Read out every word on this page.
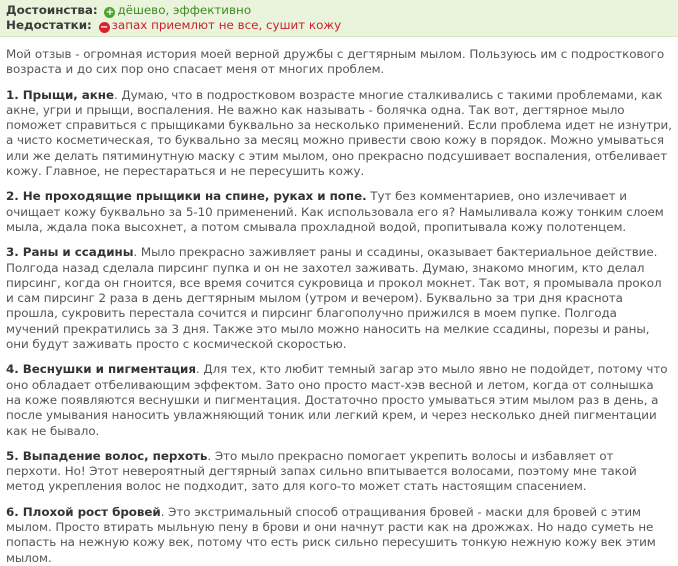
Достоинства: + дёшево, эффективно
Недостатки: − запах приемлют не все, сушит кожу

Мой отзыв - огромная история моей верной дружбы с дегтярным мылом. Пользуюсь им с подросткового возраста и до сих пор оно спасает меня от многих проблем.

1. Прыщи, акне. Думаю, что в подростковом возрасте многие сталкивались с такими проблемами, как акне, угри и прыщи, воспаления. Не важно как называть - болячка одна. Так вот, дегтярное мыло поможет справиться с прыщиками буквально за несколько применений. Если проблема идет не изнутри, а чисто косметическая, то буквально за месяц можно привести свою кожу в порядок. Можно умываться или же делать пятиминутную маску с этим мылом, оно прекрасно подсушивает воспаления, отбеливает кожу. Главное, не перестараться и не пересушить кожу.

2. Не проходящие прыщики на спине, руках и попе. Тут без комментариев, оно излечивает и очищает кожу буквально за 5-10 применений. Как использовала его я? Намыливала кожу тонким слоем мыла, ждала пока высохнет, а потом смывала прохладной водой, пропитывала кожу полотенцем.

3. Раны и ссадины. Мыло прекрасно заживляет раны и ссадины, оказывает бактериальное действие. Полгода назад сделала пирсинг пупка и он не захотел заживать. Думаю, знакомо многим, кто делал пирсинг, когда он гноится, все время сочится сукровица и прокол мокнет. Так вот, я промывала прокол и сам пирсинг 2 раза в день дегтярным мылом (утром и вечером). Буквально за три дня краснота прошла, сукровить перестала сочится и пирсинг благополучно прижился в моем пупке. Полгода мучений прекратились за 3 дня. Также это мыло можно наносить на мелкие ссадины, порезы и раны, они будут заживать просто с космической скоростью.

4. Веснушки и пигментация. Для тех, кто любит темный загар это мыло явно не подойдет, потому что оно обладает отбеливающим эффектом. Зато оно просто маст-хэв весной и летом, когда от солнышка на коже появляются веснушки и пигментация. Достаточно просто умываться этим мылом раз в день, а после умывания наносить увлажняющий тоник или легкий крем, и через несколько дней пигментации как не бывало.

5. Выпадение волос, перхоть. Это мыло прекрасно помогает укрепить волосы и избавляет от перхоти. Но! Этот невероятный дегтярный запах сильно впитывается волосами, поэтому мне такой метод укрепления волос не подходит, зато для кого-то может стать настоящим спасением.

6. Плохой рост бровей. Это экстримальный способ отращивания бровей - маски для бровей с этим мылом. Просто втирать мыльную пену в брови и они начнут расти как на дрожжах. Но надо суметь не попасть на нежную кожу век, потому что есть риск сильно пересушить тонкую нежную кожу век этим мылом.
